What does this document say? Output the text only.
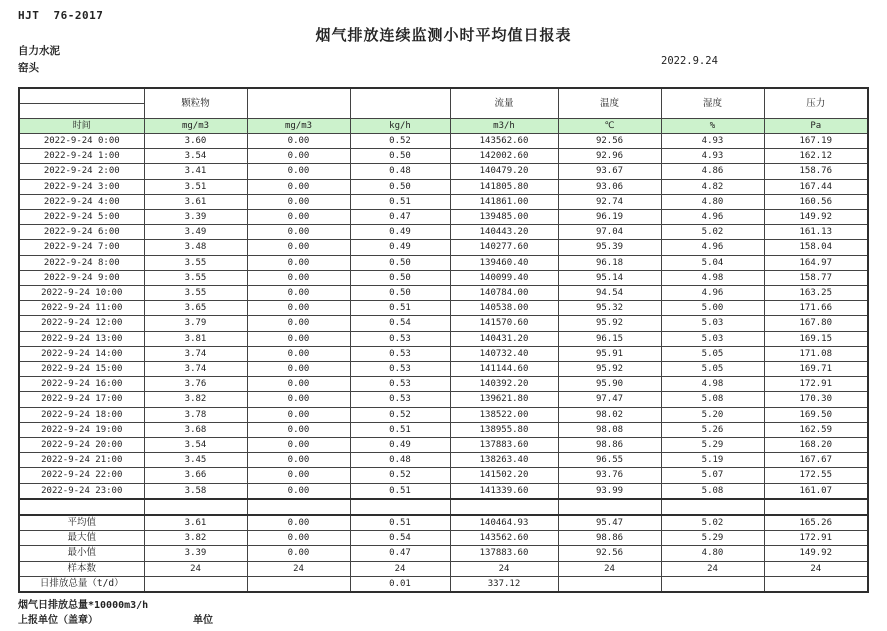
HJT 76-2017
烟气排放连续监测小时平均值日报表
自力水泥
窑头
2022.9.24
	颗粒物			流量	温度	湿度	压力

时间	mg/m3	mg/m3	kg/h	m3/h	℃	%	Pa
2022-9-24 0:00	3.60	0.00	0.52	143562.60	92.56	4.93	167.19
2022-9-24 1:00	3.54	0.00	0.50	142002.60	92.96	4.93	162.12
2022-9-24 2:00	3.41	0.00	0.48	140479.20	93.67	4.86	158.76
2022-9-24 3:00	3.51	0.00	0.50	141805.80	93.06	4.82	167.44
2022-9-24 4:00	3.61	0.00	0.51	141861.00	92.74	4.80	160.56
2022-9-24 5:00	3.39	0.00	0.47	139485.00	96.19	4.96	149.92
2022-9-24 6:00	3.49	0.00	0.49	140443.20	97.04	5.02	161.13
2022-9-24 7:00	3.48	0.00	0.49	140277.60	95.39	4.96	158.04
2022-9-24 8:00	3.55	0.00	0.50	139460.40	96.18	5.04	164.97
2022-9-24 9:00	3.55	0.00	0.50	140099.40	95.14	4.98	158.77
2022-9-24 10:00	3.55	0.00	0.50	140784.00	94.54	4.96	163.25
2022-9-24 11:00	3.65	0.00	0.51	140538.00	95.32	5.00	171.66
2022-9-24 12:00	3.79	0.00	0.54	141570.60	95.92	5.03	167.80
2022-9-24 13:00	3.81	0.00	0.53	140431.20	96.15	5.03	169.15
2022-9-24 14:00	3.74	0.00	0.53	140732.40	95.91	5.05	171.08
2022-9-24 15:00	3.74	0.00	0.53	141144.60	95.92	5.05	169.71
2022-9-24 16:00	3.76	0.00	0.53	140392.20	95.90	4.98	172.91
2022-9-24 17:00	3.82	0.00	0.53	139621.80	97.47	5.08	170.30
2022-9-24 18:00	3.78	0.00	0.52	138522.00	98.02	5.20	169.50
2022-9-24 19:00	3.68	0.00	0.51	138955.80	98.08	5.26	162.59
2022-9-24 20:00	3.54	0.00	0.49	137883.60	98.86	5.29	168.20
2022-9-24 21:00	3.45	0.00	0.48	138263.40	96.55	5.19	167.67
2022-9-24 22:00	3.66	0.00	0.52	141502.20	93.76	5.07	172.55
2022-9-24 23:00	3.58	0.00	0.51	141339.60	93.99	5.08	161.07

平均值	3.61	0.00	0.51	140464.93	95.47	5.02	165.26
最大值	3.82	0.00	0.54	143562.60	98.86	5.29	172.91
最小值	3.39	0.00	0.47	137883.60	92.56	4.80	149.92
样本数	24	24	24	24	24	24	24
日排放总量（t/d）			0.01	337.12			
烟气日排放总量*10000m3/h
上报单位（盖章）	单位
